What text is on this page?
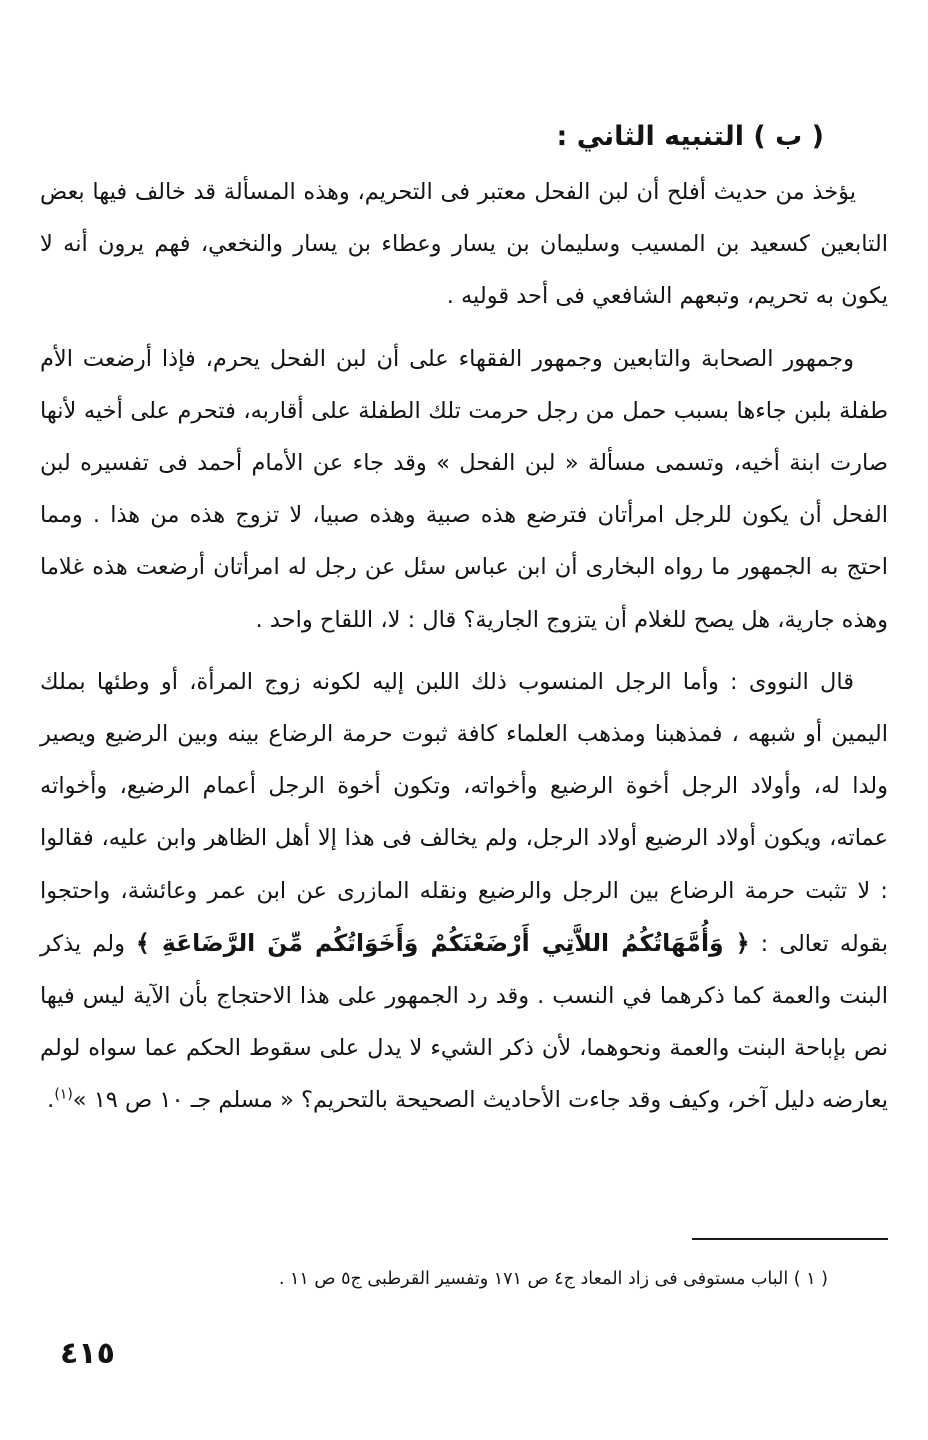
( ب ) التنبيه الثاني :

يؤخذ من حديث أفلح أن لبن الفحل معتبر فى التحريم، وهذه المسألة قد خالف فيها بعض التابعين كسعيد بن المسيب وسليمان بن يسار وعطاء بن يسار والنخعي، فهم يرون أنه لا يكون به تحريم، وتبعهم الشافعي فى أحد قوليه .

وجمهور الصحابة والتابعين وجمهور الفقهاء على أن لبن الفحل يحرم، فإذا أرضعت الأم طفلة بلبن جاءها بسبب حمل من رجل حرمت تلك الطفلة على أقاربه، فتحرم على أخيه لأنها صارت ابنة أخيه، وتسمى مسألة « لبن الفحل » وقد جاء عن الأمام أحمد فى تفسيره لبن الفحل أن يكون للرجل امرأتان فترضع هذه صبية وهذه صبيا، لا تزوج هذه من هذا . ومما احتج به الجمهور ما رواه البخارى أن ابن عباس سئل عن رجل له امرأتان أرضعت هذه غلاما وهذه جارية، هل يصح للغلام أن يتزوج الجارية؟ قال : لا، اللقاح واحد .

قال النووى : وأما الرجل المنسوب ذلك اللبن إليه لكونه زوج المرأة، أو وطئها بملك اليمين أو شبهه ، فمذهبنا ومذهب العلماء كافة ثبوت حرمة الرضاع بينه وبين الرضيع ويصير ولدا له، وأولاد الرجل أخوة الرضيع وأخواته، وتكون أخوة الرجل أعمام الرضيع، وأخواته عماته، ويكون أولاد الرضيع أولاد الرجل، ولم يخالف فى هذا إلا أهل الظاهر وابن عليه، فقالوا : لا تثبت حرمة الرضاع بين الرجل والرضيع ونقله المازرى عن ابن عمر وعائشة، واحتجوا بقوله تعالى : ﴿ وَأُمَّهَاتُكُمُ اللاَّتِي أَرْضَعْنَكُمْ وَأَخَوَاتُكُم مِّنَ الرَّضَاعَةِ ﴾ ولم يذكر البنت والعمة كما ذكرهما في النسب . وقد رد الجمهور على هذا الاحتجاج بأن الآية ليس فيها نص بإباحة البنت والعمة ونحوهما، لأن ذكر الشيء لا يدل على سقوط الحكم عما سواه لولم يعارضه دليل آخر، وكيف وقد جاءت الأحاديث الصحيحة بالتحريم؟ « مسلم جـ ١٠ ص ١٩ »$^{(١)}$.

( ١ ) الباب مستوفى فى زاد المعاد ج٤ ص ١٧١ وتفسير القرطبى ج٥ ص ١١ .
٤١٥
